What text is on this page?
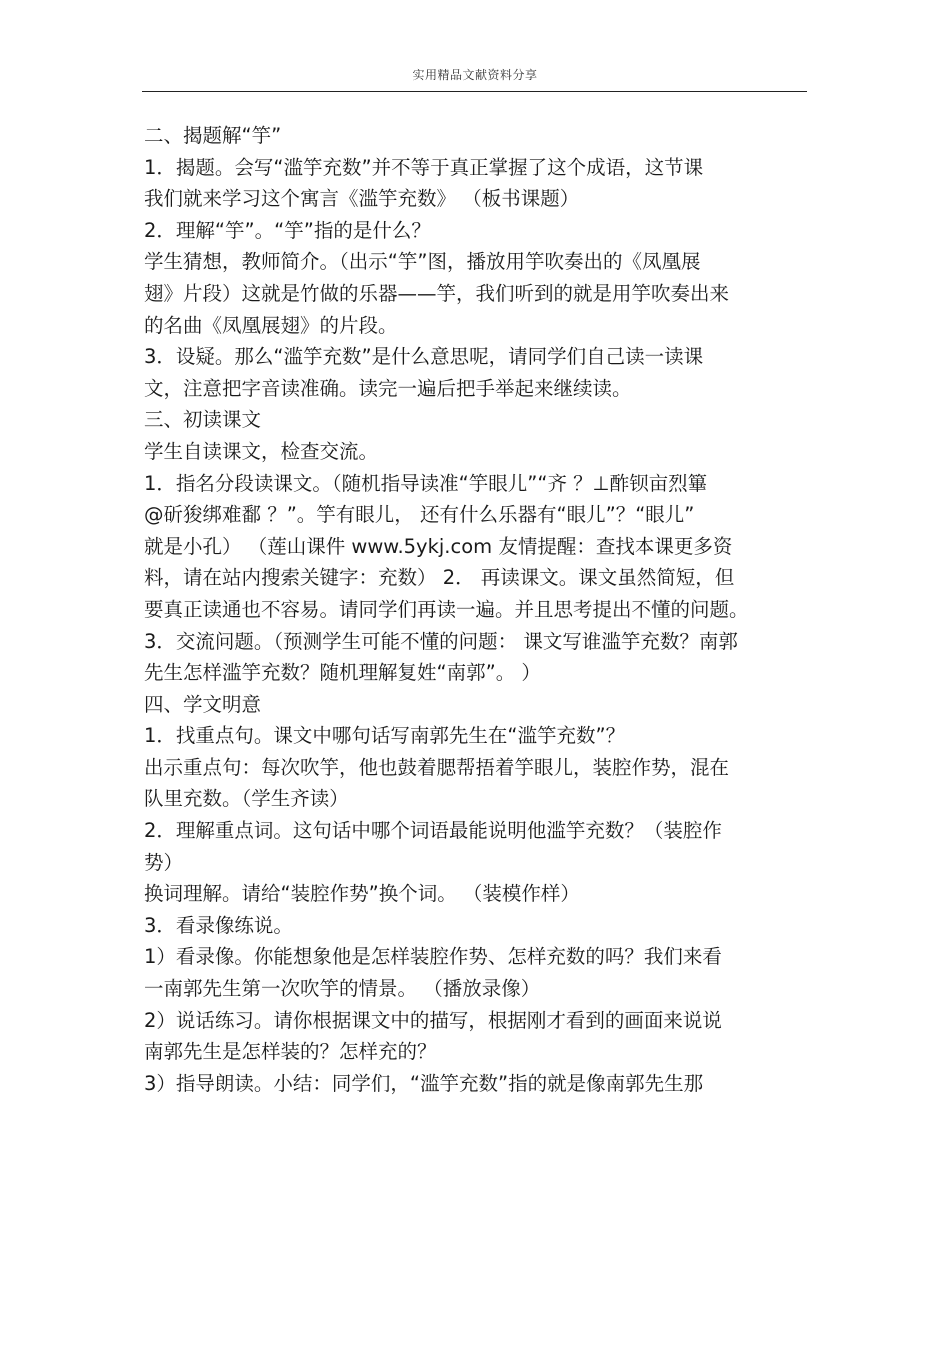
实用精品文献资料分享
二、揭题解“竽”
1．揭题。会写“滥竽充数”并不等于真正掌握了这个成语，这节课
我们就来学习这个寓言《滥竽充数》 （板书课题）
2．理解“竽”。“竽”指的是什么？
学生猜想，教师简介。（出示“竽”图，播放用竽吹奏出的《凤凰展
翅》片段）这就是竹做的乐器——竽，我们听到的就是用竽吹奏出来
的名曲《凤凰展翅》的片段。
3．设疑。那么“滥竽充数”是什么意思呢，请同学们自己读一读课
文，注意把字音读准确。读完一遍后把手举起来继续读。
三、初读课文
学生自读课文，检查交流。
1．指名分段读课文。（随机指导读准“竽眼儿”“齐 ？⊥酢钡亩烈篳
@斫狻绑难鄱 ？”。竽有眼儿， 还有什么乐器有“眼儿”？“眼儿”
就是小孔） （莲山课件 www.5ykj.com 友情提醒：查找本课更多资
料，请在站内搜索关键字：充数） 2． 再读课文。课文虽然简短，但
要真正读通也不容易。请同学们再读一遍。并且思考提出不懂的问题。
3．交流问题。（预测学生可能不懂的问题： 课文写谁滥竽充数？南郭
先生怎样滥竽充数？随机理解复姓“南郭”。 ）
四、学文明意
1．找重点句。课文中哪句话写南郭先生在“滥竽充数”？
出示重点句：每次吹竽，他也鼓着腮帮捂着竽眼儿，装腔作势，混在
队里充数。（学生齐读）
2．理解重点词。这句话中哪个词语最能说明他滥竽充数？（装腔作
势）
换词理解。请给“装腔作势”换个词。 （装模作样）
3．看录像练说。
1）看录像。你能想象他是怎样装腔作势、怎样充数的吗？我们来看
一南郭先生第一次吹竽的情景。 （播放录像）
2）说话练习。请你根据课文中的描写，根据刚才看到的画面来说说
南郭先生是怎样装的？怎样充的？
3）指导朗读。小结：同学们，“滥竽充数”指的就是像南郭先生那
